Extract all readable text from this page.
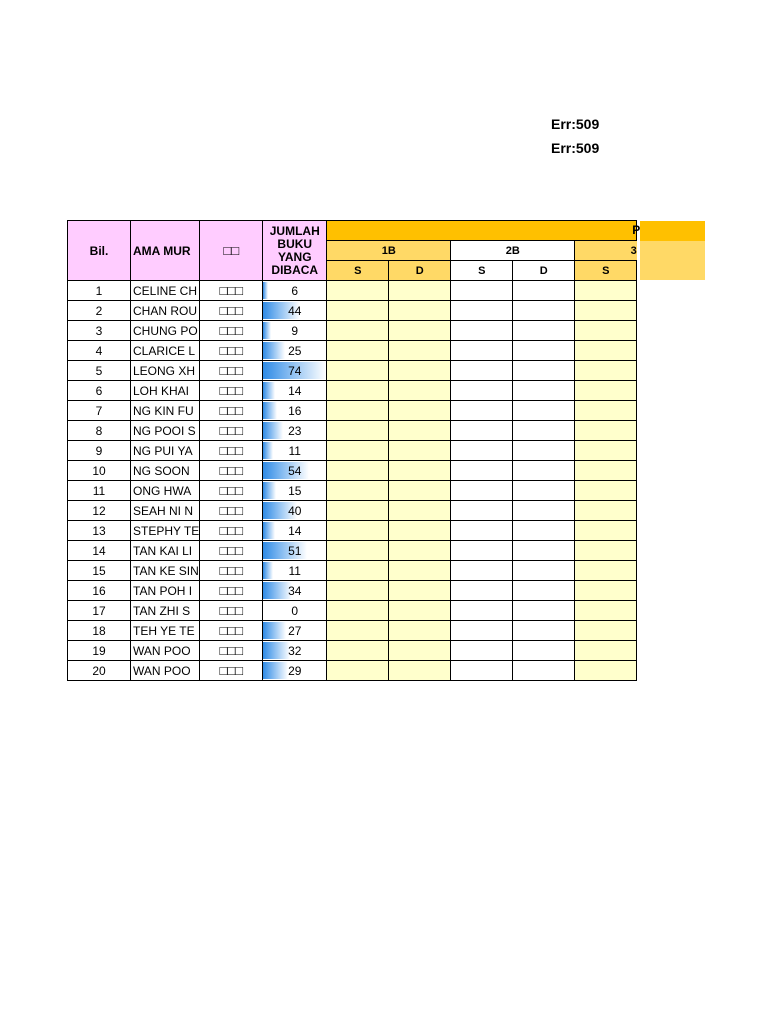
Err:509
Err:509
Bil.	AMA MUR	□□	JUMLAH
BUKU
YANG
DIBACA	P				

				1B		2B		3
				S	D	S	D	S
1	CELINE CH	□□□	6					
2	CHAN ROU	□□□	44					
3	CHUNG PO	□□□	9					
4	CLARICE L	□□□	25					
5	LEONG XH	□□□	74					
6	LOH KHAI	□□□	14					
7	NG KIN FU	□□□	16					
8	NG POOI S	□□□	23					
9	NG PUI YA	□□□	11					
10	NG SOON	□□□	54					
11	ONG HWA	□□□	15					
12	SEAH NI N	□□□	40					
13	STEPHY TE	□□□	14					
14	TAN KAI LI	□□□	51					
15	TAN KE SIN	□□□	11					
16	TAN POH I	□□□	34					
17	TAN ZHI S	□□□	0					
18	TEH YE TE	□□□	27					
19	WAN POO	□□□	32					
20	WAN POO	□□□	29					
